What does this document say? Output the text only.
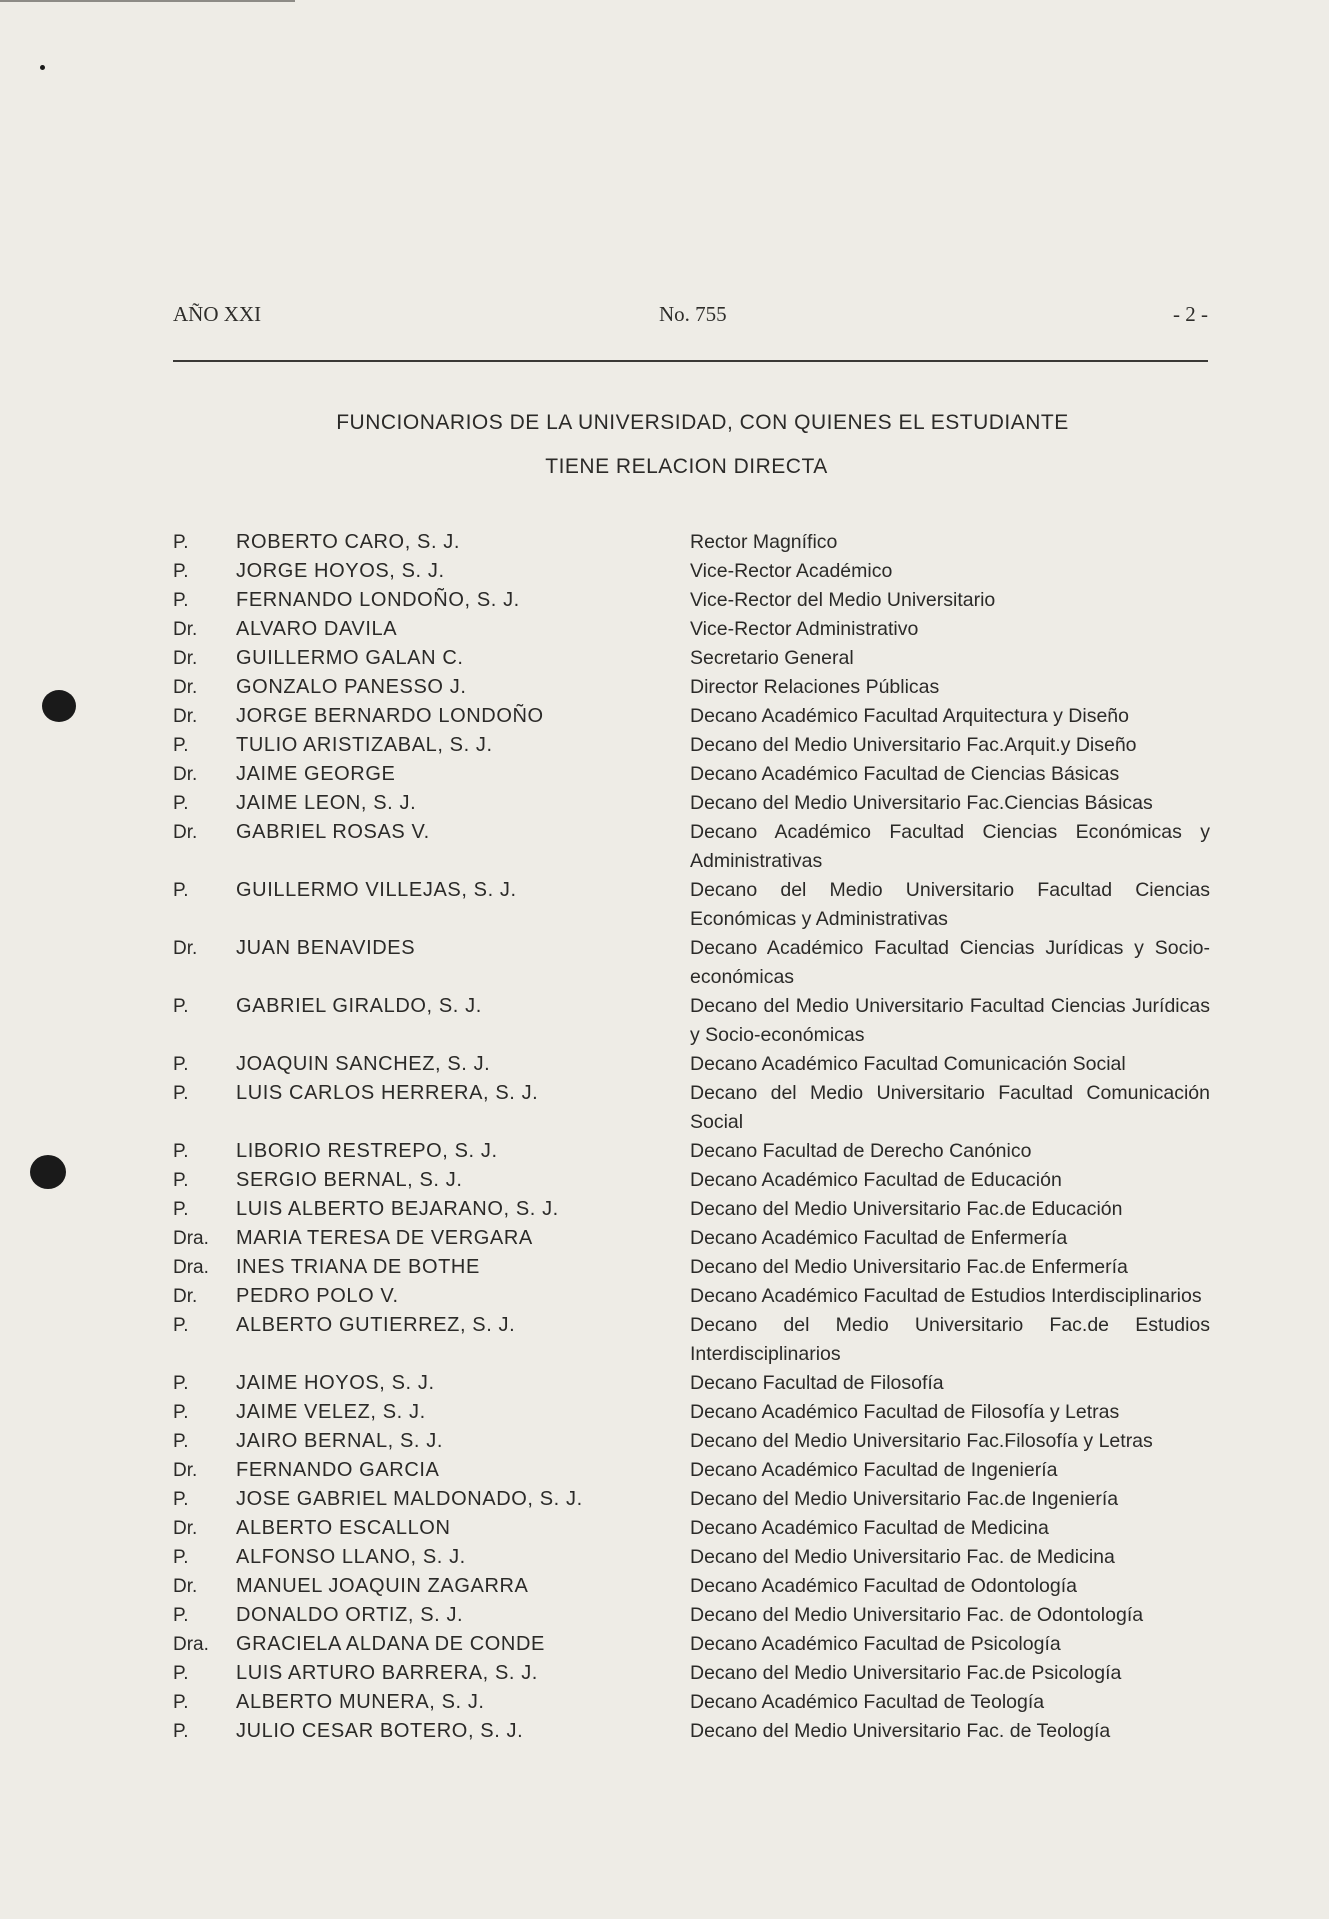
AÑO XXI	No. 755	- 2 -
FUNCIONARIOS DE LA UNIVERSIDAD, CON QUIENES EL ESTUDIANTE
TIENE RELACION DIRECTA
P. ROBERTO CARO, S. J.	Rector Magnífico
P. JORGE HOYOS, S. J.	Vice-Rector Académico
P. FERNANDO LONDOÑO, S. J.	Vice-Rector del Medio Universitario
Dr. ALVARO DAVILA	Vice-Rector Administrativo
Dr. GUILLERMO GALAN C.	Secretario General
Dr. GONZALO PANESSO J.	Director Relaciones Públicas
Dr. JORGE BERNARDO LONDOÑO	Decano Académico Facultad Arquitectura y Diseño
P. TULIO ARISTIZABAL, S. J.	Decano del Medio Universitario Fac.Arquit.y Diseño
Dr. JAIME GEORGE	Decano Académico Facultad de Ciencias Básicas
P. JAIME LEON, S. J.	Decano del Medio Universitario Fac.Ciencias Básicas
Dr. GABRIEL ROSAS V.	Decano Académico Facultad Ciencias Económicas y Administrativas
P. GUILLERMO VILLEJAS, S. J.	Decano del Medio Universitario Facultad Ciencias Económicas y Administrativas
Dr. JUAN BENAVIDES	Decano Académico Facultad Ciencias Jurídicas y Socio-económicas
P. GABRIEL GIRALDO, S. J.	Decano del Medio Universitario Facultad Ciencias Jurídicas y Socio-económicas
P. JOAQUIN SANCHEZ, S. J.	Decano Académico Facultad Comunicación Social
P. LUIS CARLOS HERRERA, S. J.	Decano del Medio Universitario Facultad Comunicación Social
P. LIBORIO RESTREPO, S. J.	Decano Facultad de Derecho Canónico
P. SERGIO BERNAL, S. J.	Decano Académico Facultad de Educación
P. LUIS ALBERTO BEJARANO, S. J.	Decano del Medio Universitario Fac.de Educación
Dra. MARIA TERESA DE VERGARA	Decano Académico Facultad de Enfermería
Dra. INES TRIANA DE BOTHE	Decano del Medio Universitario Fac.de Enfermería
Dr. PEDRO POLO V.	Decano Académico Facultad de Estudios Interdisciplinarios
P. ALBERTO GUTIERREZ, S. J.	Decano del Medio Universitario Fac.de Estudios Interdisciplinarios
P. JAIME HOYOS, S. J.	Decano Facultad de Filosofía
P. JAIME VELEZ, S. J.	Decano Académico Facultad de Filosofía y Letras
P. JAIRO BERNAL, S. J.	Decano del Medio Universitario Fac.Filosofía y Letras
Dr. FERNANDO GARCIA	Decano Académico Facultad de Ingeniería
P. JOSE GABRIEL MALDONADO, S. J.	Decano del Medio Universitario Fac.de Ingeniería
Dr. ALBERTO ESCALLON	Decano Académico Facultad de Medicina
P. ALFONSO LLANO, S. J.	Decano del Medio Universitario Fac. de Medicina
Dr. MANUEL JOAQUIN ZAGARRA	Decano Académico Facultad de Odontología
P. DONALDO ORTIZ, S. J.	Decano del Medio Universitario Fac. de Odontología
Dra. GRACIELA ALDANA DE CONDE	Decano Académico Facultad de Psicología
P. LUIS ARTURO BARRERA, S. J.	Decano del Medio Universitario Fac.de Psicología
P. ALBERTO MUNERA, S. J.	Decano Académico Facultad de Teología
P. JULIO CESAR BOTERO, S. J.	Decano del Medio Universitario Fac. de Teología
